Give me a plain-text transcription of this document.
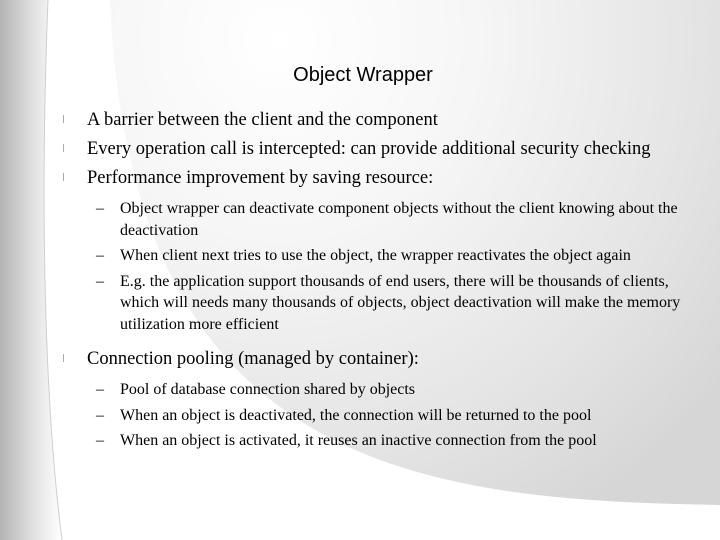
Object Wrapper
l A barrier between the client and the component
l Every operation call is intercepted: can provide additional security checking
l Performance improvement by saving resource:
– Object wrapper can deactivate component objects without the client knowing about the deactivation
– When client next tries to use the object, the wrapper reactivates the object again
– E.g. the application support thousands of end users, there will be thousands of clients, which will needs many thousands of objects, object deactivation will make the memory utilization more efficient
l Connection pooling (managed by container):
– Pool of database connection shared by objects
– When an object is deactivated, the connection will be returned to the pool
– When an object is activated, it reuses an inactive connection from the pool
